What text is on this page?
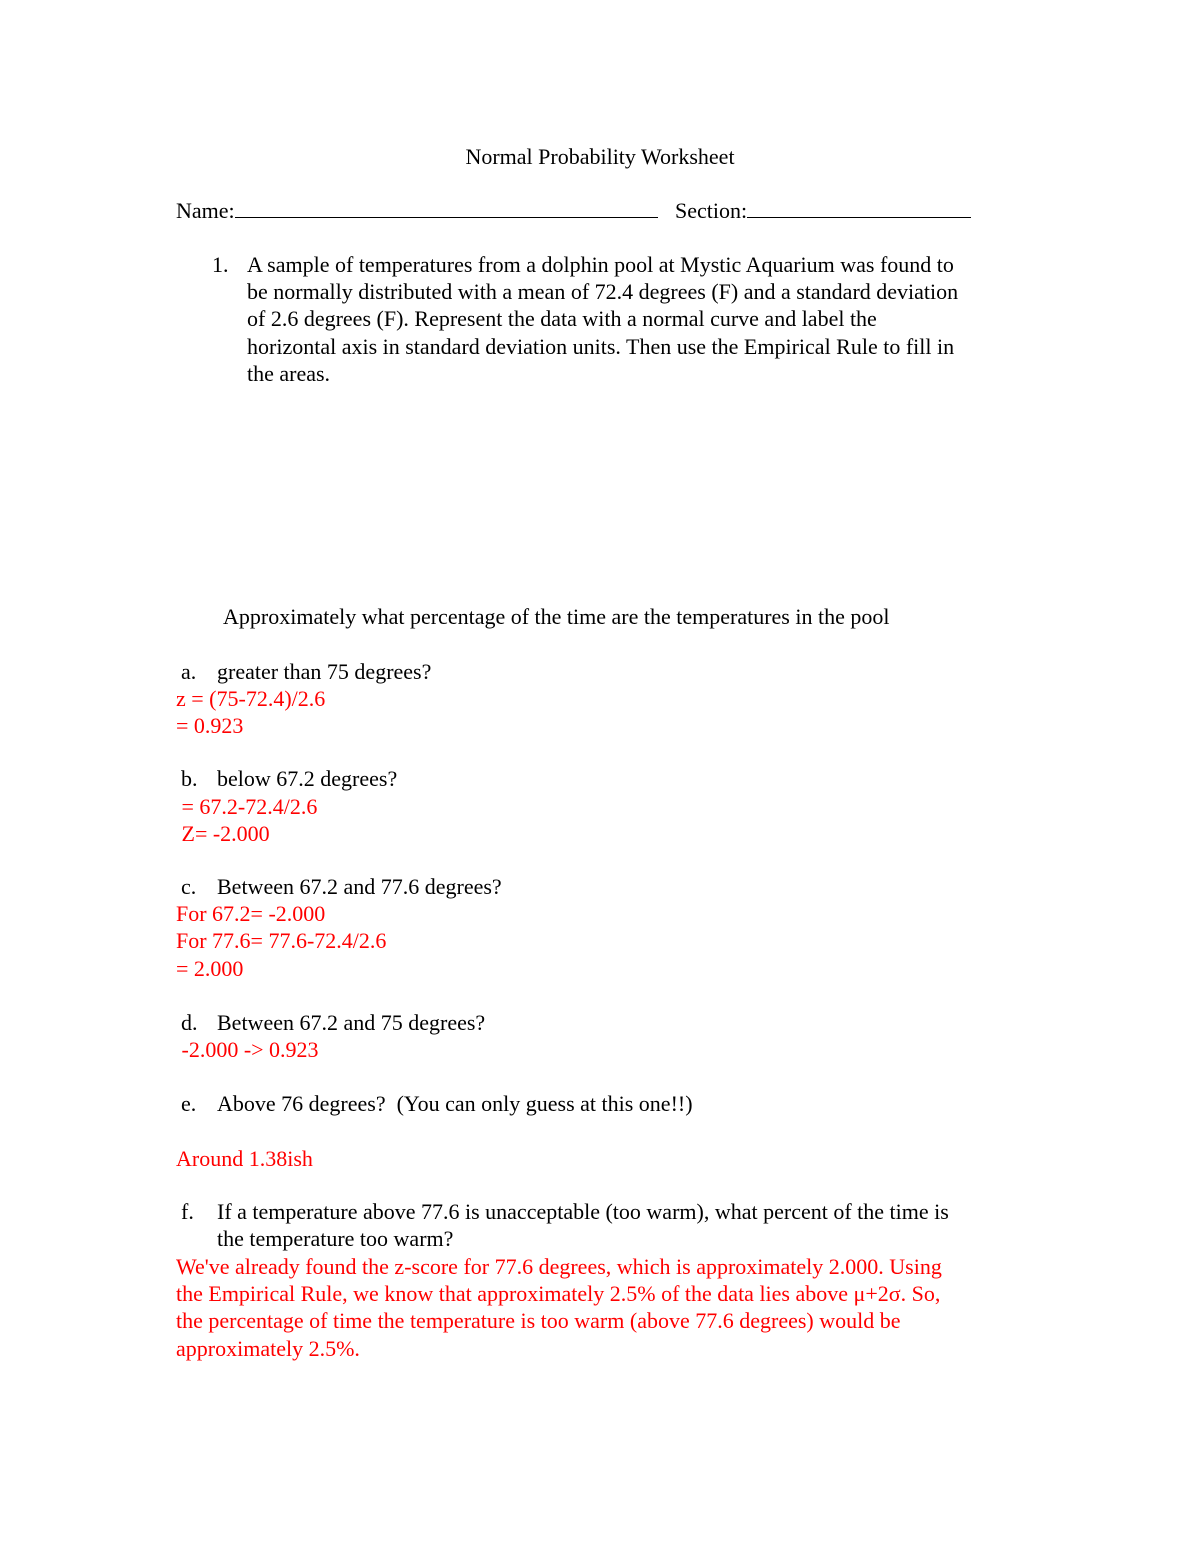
Normal Probability Worksheet
Name:	Section:
1. A sample of temperatures from a dolphin pool at Mystic Aquarium was found to
be normally distributed with a mean of 72.4 degrees (F) and a standard deviation
of 2.6 degrees (F). Represent the data with a normal curve and label the
horizontal axis in standard deviation units. Then use the Empirical Rule to fill in
the areas.
Approximately what percentage of the time are the temperatures in the pool
a. greater than 75 degrees?
z = (75-72.4)/2.6
= 0.923
b. below 67.2 degrees?
= 67.2-72.4/2.6
Z= -2.000
c. Between 67.2 and 77.6 degrees?
For 67.2= -2.000
For 77.6= 77.6-72.4/2.6
= 2.000
d. Between 67.2 and 75 degrees?
-2.000 -> 0.923
e. Above 76 degrees?  (You can only guess at this one!!)
Around 1.38ish
f. If a temperature above 77.6 is unacceptable (too warm), what percent of the time is
the temperature too warm?
We've already found the z-score for 77.6 degrees, which is approximately 2.000. Using
the Empirical Rule, we know that approximately 2.5% of the data lies above μ+2σ. So,
the percentage of time the temperature is too warm (above 77.6 degrees) would be
approximately 2.5%.
